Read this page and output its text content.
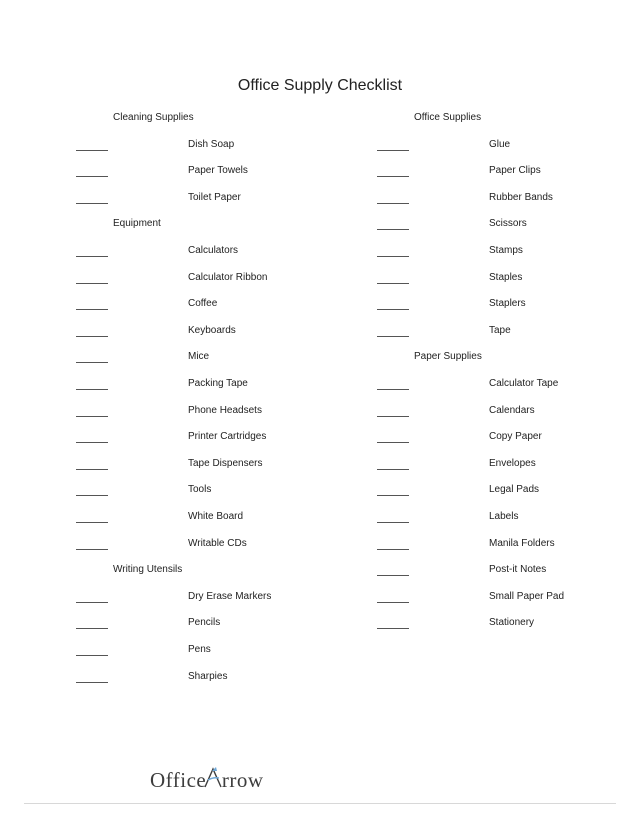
Office Supply Checklist
Cleaning Supplies
Dish Soap
Paper Towels
Toilet Paper
Equipment
Calculators
Calculator Ribbon
Coffee
Keyboards
Mice
Packing Tape
Phone Headsets
Printer Cartridges
Tape Dispensers
Tools
White Board
Writable CDs
Writing Utensils
Dry Erase Markers
Pencils
Pens
Sharpies
Office Supplies
Glue
Paper Clips
Rubber Bands
Scissors
Stamps
Staples
Staplers
Tape
Paper Supplies
Calculator Tape
Calendars
Copy Paper
Envelopes
Legal Pads
Labels
Manila Folders
Post-it Notes
Small Paper Pad
Stationery
Office rrow
